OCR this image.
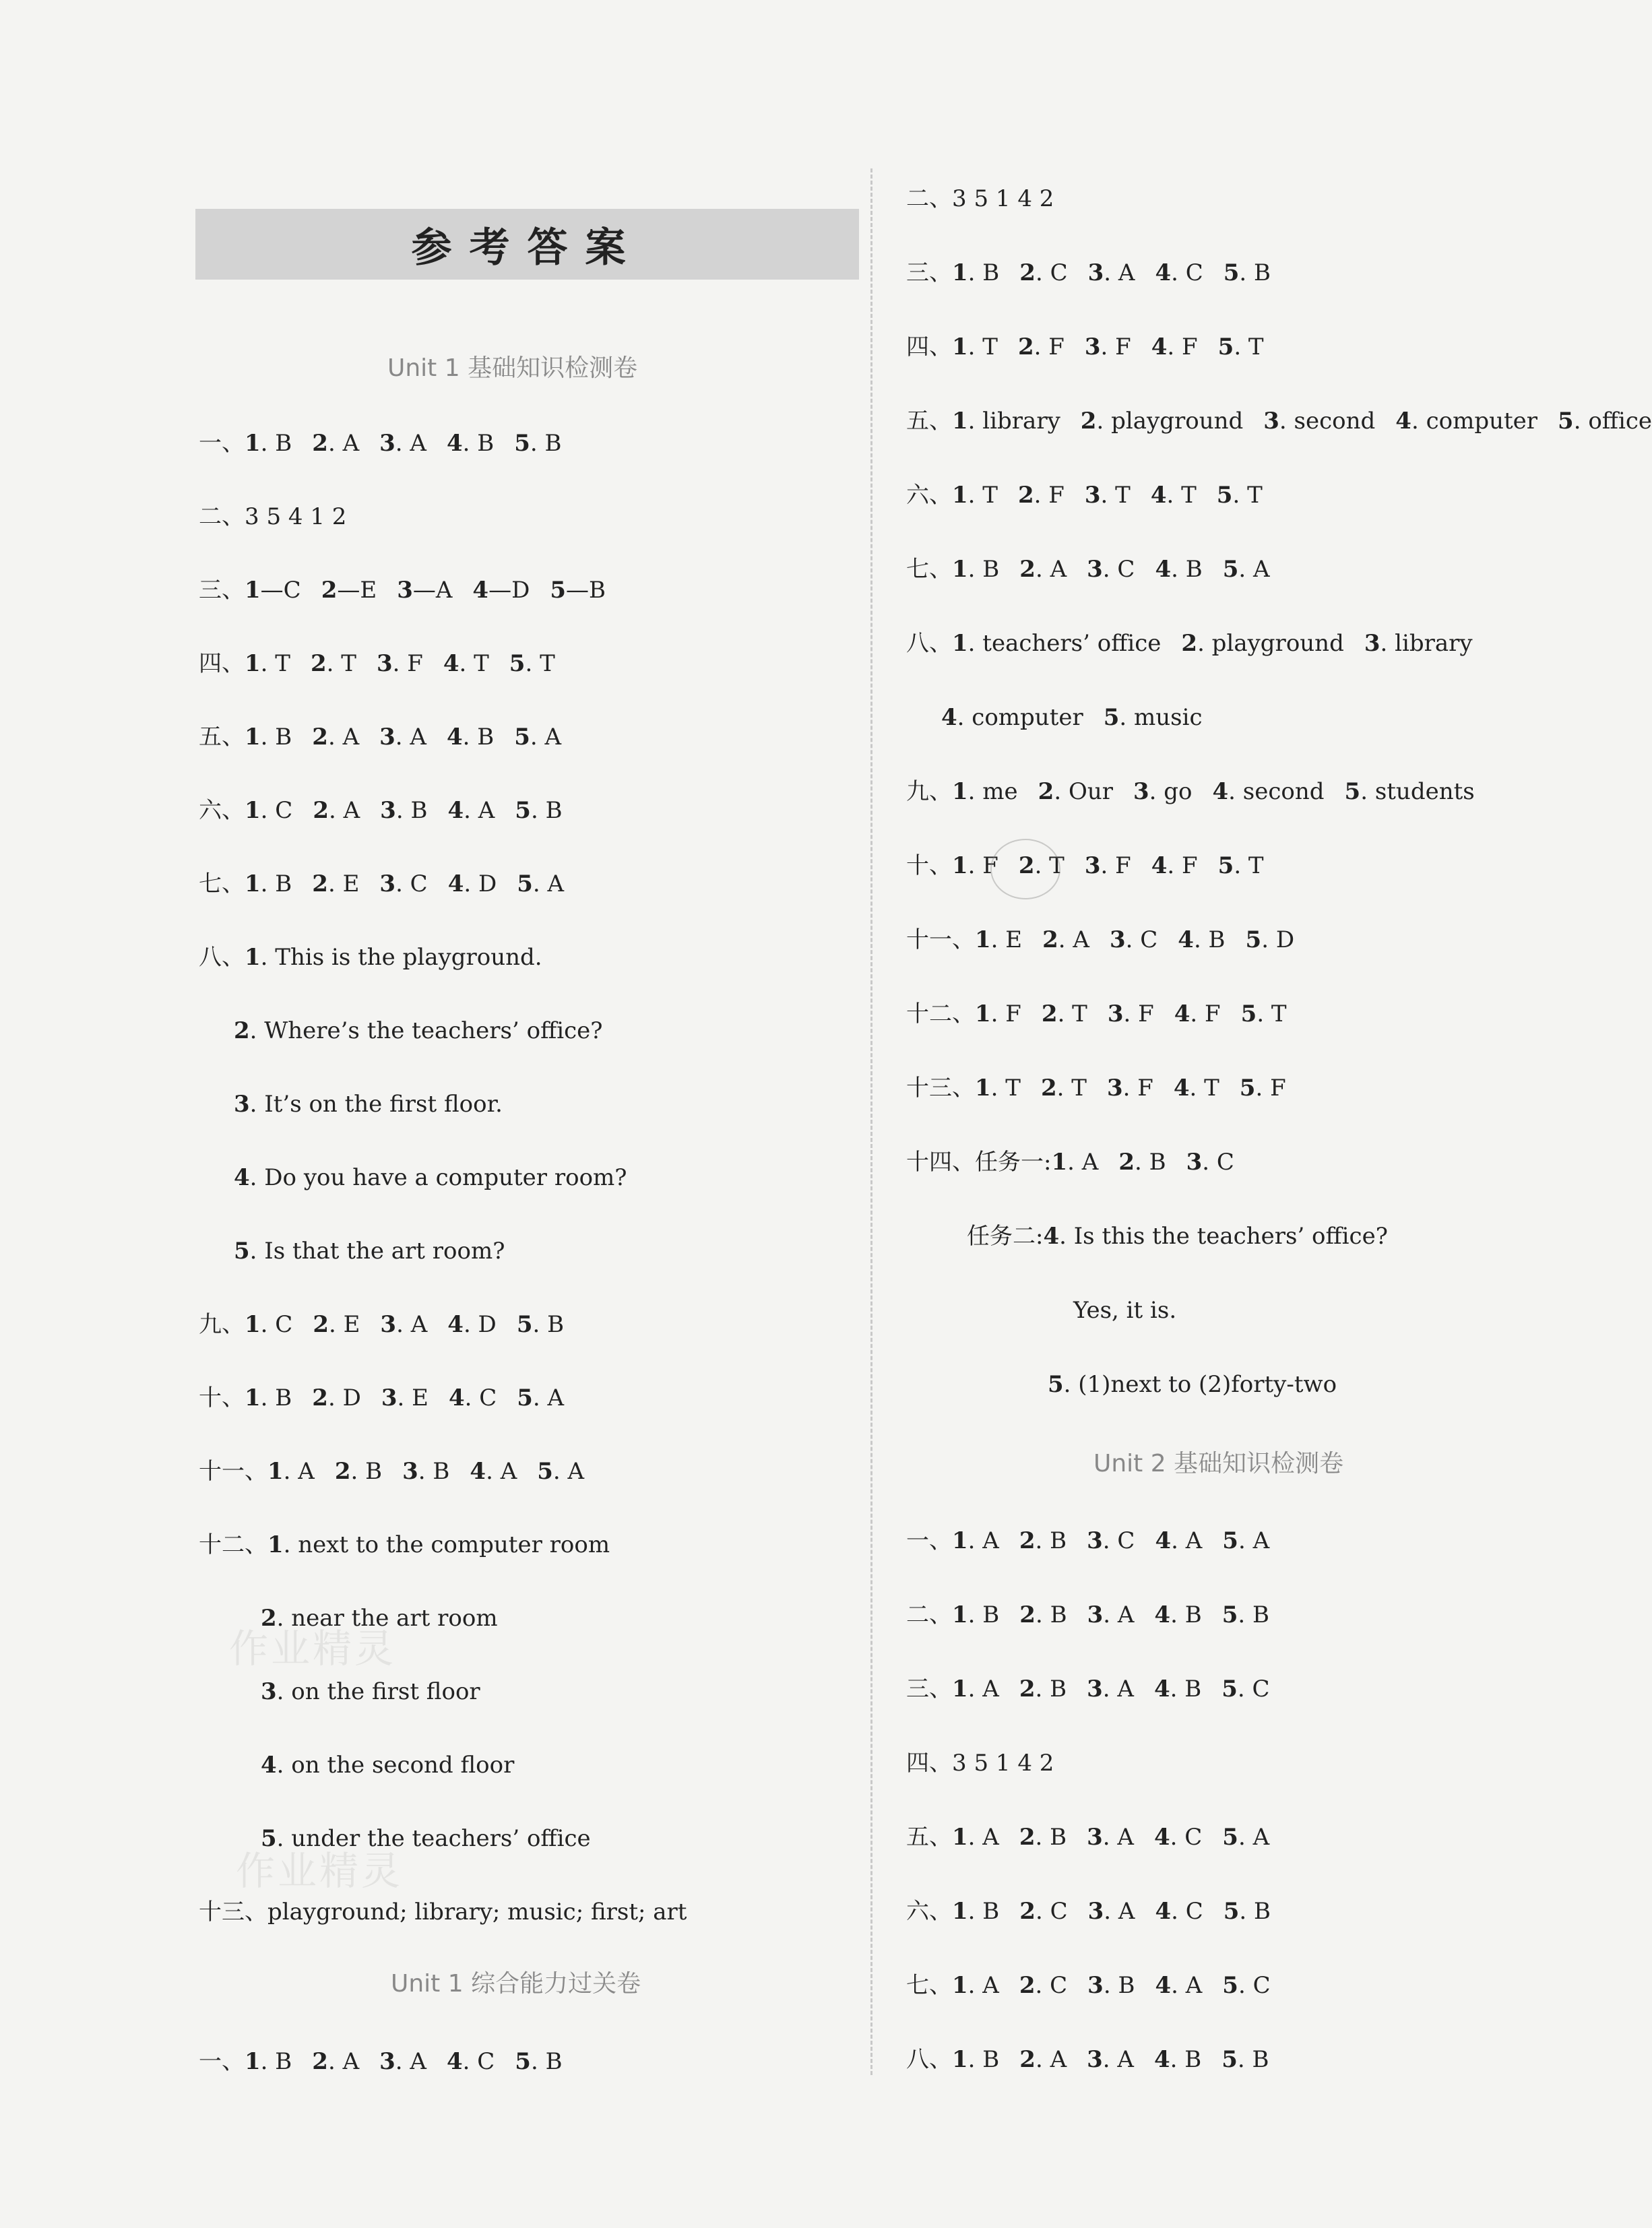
参考答案
Unit 1 基础知识检测卷
一、1. B 2. A 3. A 4. B 5. B
二、3 5 4 1 2
三、1—C 2—E 3—A 4—D 5—B
四、1. T 2. T 3. F 4. T 5. T
五、1. B 2. A 3. A 4. B 5. A
六、1. C 2. A 3. B 4. A 5. B
七、1. B 2. E 3. C 4. D 5. A
八、1. This is the playground.
2. Where’s the teachers’ office?
3. It’s on the first floor.
4. Do you have a computer room?
5. Is that the art room?
九、1. C 2. E 3. A 4. D 5. B
十、1. B 2. D 3. E 4. C 5. A
十一、1. A 2. B 3. B 4. A 5. A
十二、1. next to the computer room
2. near the art room
3. on the first floor
4. on the second floor
5. under the teachers’ office
十三、playground; library; music; first; art
Unit 1 综合能力过关卷
一、1. B 2. A 3. A 4. C 5. B
二、3 5 1 4 2
三、1. B 2. C 3. A 4. C 5. B
四、1. T 2. F 3. F 4. F 5. T
五、1. library 2. playground 3. second 4. computer 5. office
六、1. T 2. F 3. T 4. T 5. T
七、1. B 2. A 3. C 4. B 5. A
八、1. teachers’ office 2. playground 3. library
4. computer 5. music
九、1. me 2. Our 3. go 4. second 5. students
十、1. F 2. T 3. F 4. F 5. T
十一、1. E 2. A 3. C 4. B 5. D
十二、1. F 2. T 3. F 4. F 5. T
十三、1. T 2. T 3. F 4. T 5. F
十四、任务一:1. A 2. B 3. C
任务二:4. Is this the teachers’ office?
Yes, it is.
5. (1)next to (2)forty-two
Unit 2 基础知识检测卷
一、1. A 2. B 3. C 4. A 5. A
二、1. B 2. B 3. A 4. B 5. B
三、1. A 2. B 3. A 4. B 5. C
四、3 5 1 4 2
五、1. A 2. B 3. A 4. C 5. A
六、1. B 2. C 3. A 4. C 5. B
七、1. A 2. C 3. B 4. A 5. C
八、1. B 2. A 3. A 4. B 5. B
作业精灵
作业精灵
